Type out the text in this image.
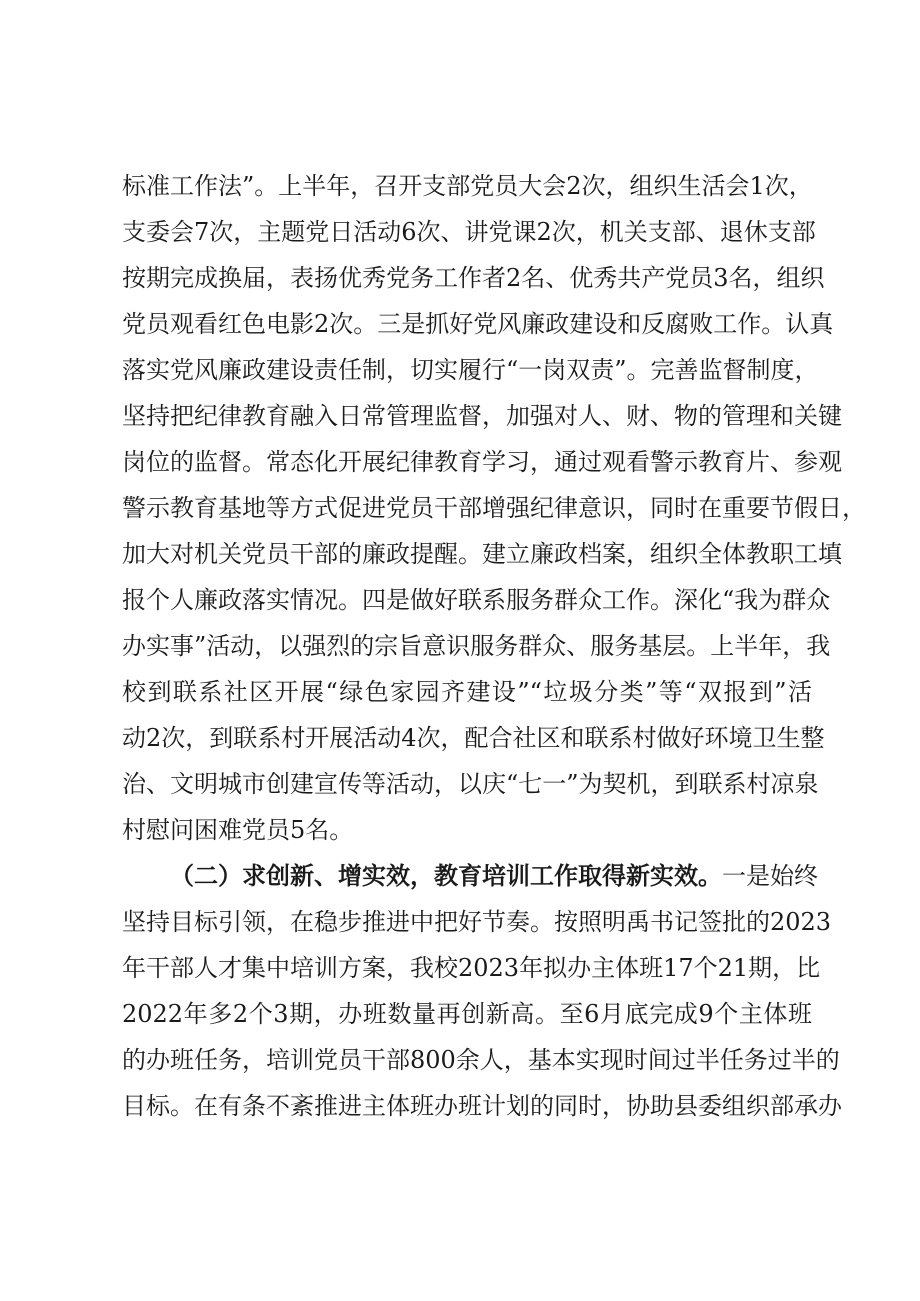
标准工作法”。上半年，召开支部党员大会2次，组织生活会1次，
支委会7次，主题党日活动6次、讲党课2次，机关支部、退休支部
按期完成换届，表扬优秀党务工作者2名、优秀共产党员3名，组织
党员观看红色电影2次。三是抓好党风廉政建设和反腐败工作。认真
落实党风廉政建设责任制，切实履行“一岗双责”。完善监督制度，
坚持把纪律教育融入日常管理监督，加强对人、财、物的管理和关键
岗位的监督。常态化开展纪律教育学习，通过观看警示教育片、参观
警示教育基地等方式促进党员干部增强纪律意识，同时在重要节假日，
加大对机关党员干部的廉政提醒。建立廉政档案，组织全体教职工填
报个人廉政落实情况。四是做好联系服务群众工作。深化“我为群众
办实事”活动，以强烈的宗旨意识服务群众、服务基层。上半年，我
校到联系社区开展“绿色家园齐建设”“垃圾分类”等“双报到”活
动2次，到联系村开展活动4次，配合社区和联系村做好环境卫生整
治、文明城市创建宣传等活动，以庆“七一”为契机，到联系村凉泉
村慰问困难党员5名。
（二）求创新、增实效，教育培训工作取得新实效。一是始终
坚持目标引领，在稳步推进中把好节奏。按照明禹书记签批的2023
年干部人才集中培训方案，我校2023年拟办主体班17个21期，比
2022年多2个3期，办班数量再创新高。至6月底完成9个主体班
的办班任务，培训党员干部800余人，基本实现时间过半任务过半的
目标。在有条不紊推进主体班办班计划的同时，协助县委组织部承办
